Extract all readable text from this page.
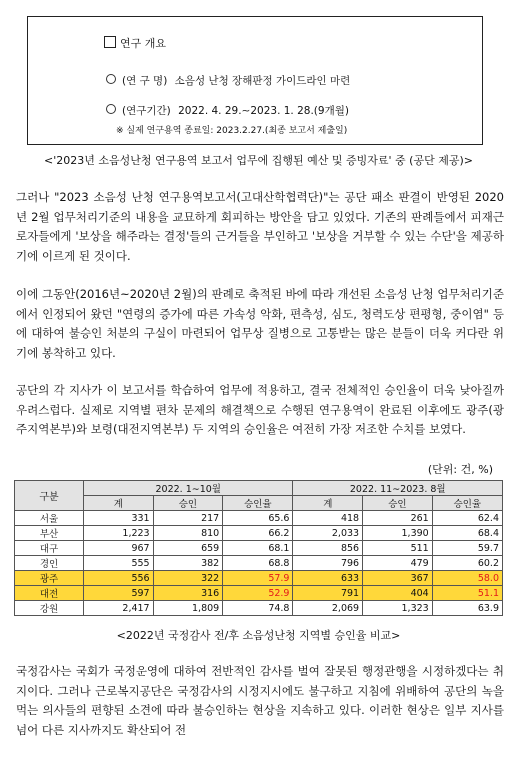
연구 개요
(연 구 명) 소음성 난청 장해판정 가이드라인 마련
(연구기간) 2022. 4. 29.∼2023. 1. 28.(9개월)
※ 실제 연구용역 종료일: 2023.2.27.(최종 보고서 제출일)
<'2023년 소음성난청 연구용역 보고서 업무에 집행된 예산 및 증빙자료' 중 (공단 제공)>
그러나 "2023 소음성 난청 연구용역보고서(고대산학협력단)"는 공단 패소 판결이 반영된 2020년 2월 업무처리기준의 내용을 교묘하게 회피하는 방안을 담고 있었다. 기존의 판례들에서 피재근로자들에게 '보상을 해주라는 결정'들의 근거들을 부인하고 '보상을 거부할 수 있는 수단'을 제공하기에 이르게 된 것이다.
이에 그동안(2016년~2020년 2월)의 판례로 축적된 바에 따라 개선된 소음성 난청 업무처리기준에서 인정되어 왔던 "연령의 증가에 따른 가속성 악화, 편측성, 심도, 청력도상 편평형, 중이염" 등에 대하여 불승인 처분의 구실이 마련되어 업무상 질병으로 고통받는 많은 분들이 더욱 커다란 위기에 봉착하고 있다.
공단의 각 지사가 이 보고서를 학습하여 업무에 적용하고, 결국 전체적인 승인율이 더욱 낮아질까 우려스럽다. 실제로 지역별 편차 문제의 해결책으로 수행된 연구용역이 완료된 이후에도 광주(광주지역본부)와 보령(대전지역본부) 두 지역의 승인율은 여전히 가장 저조한 수치를 보였다.
(단위: 건, %)
구분	2022. 1∼10월			2022. 11∼2023. 8월		
	계	승인	승인율	계	승인	승인율
서울	331	217	65.6	418	261	62.4
부산	1,223	810	66.2	2,033	1,390	68.4
대구	967	659	68.1	856	511	59.7
경인	555	382	68.8	796	479	60.2
광주	556	322	57.9	633	367	58.0
대전	597	316	52.9	791	404	51.1
강원	2,417	1,809	74.8	2,069	1,323	63.9
<2022년 국정감사 전/후 소음성난청 지역별 승인율 비교>
국정감사는 국회가 국정운영에 대하여 전반적인 감사를 벌여 잘못된 행정관행을 시정하겠다는 취지이다. 그러나 근로복지공단은 국정감사의 시정지시에도 불구하고 지침에 위배하여 공단의 녹을 먹는 의사들의 편향된 소견에 따라 불승인하는 현상을 지속하고 있다. 이러한 현상은 일부 지사를 넘어 다른 지사까지도 확산되어 전
